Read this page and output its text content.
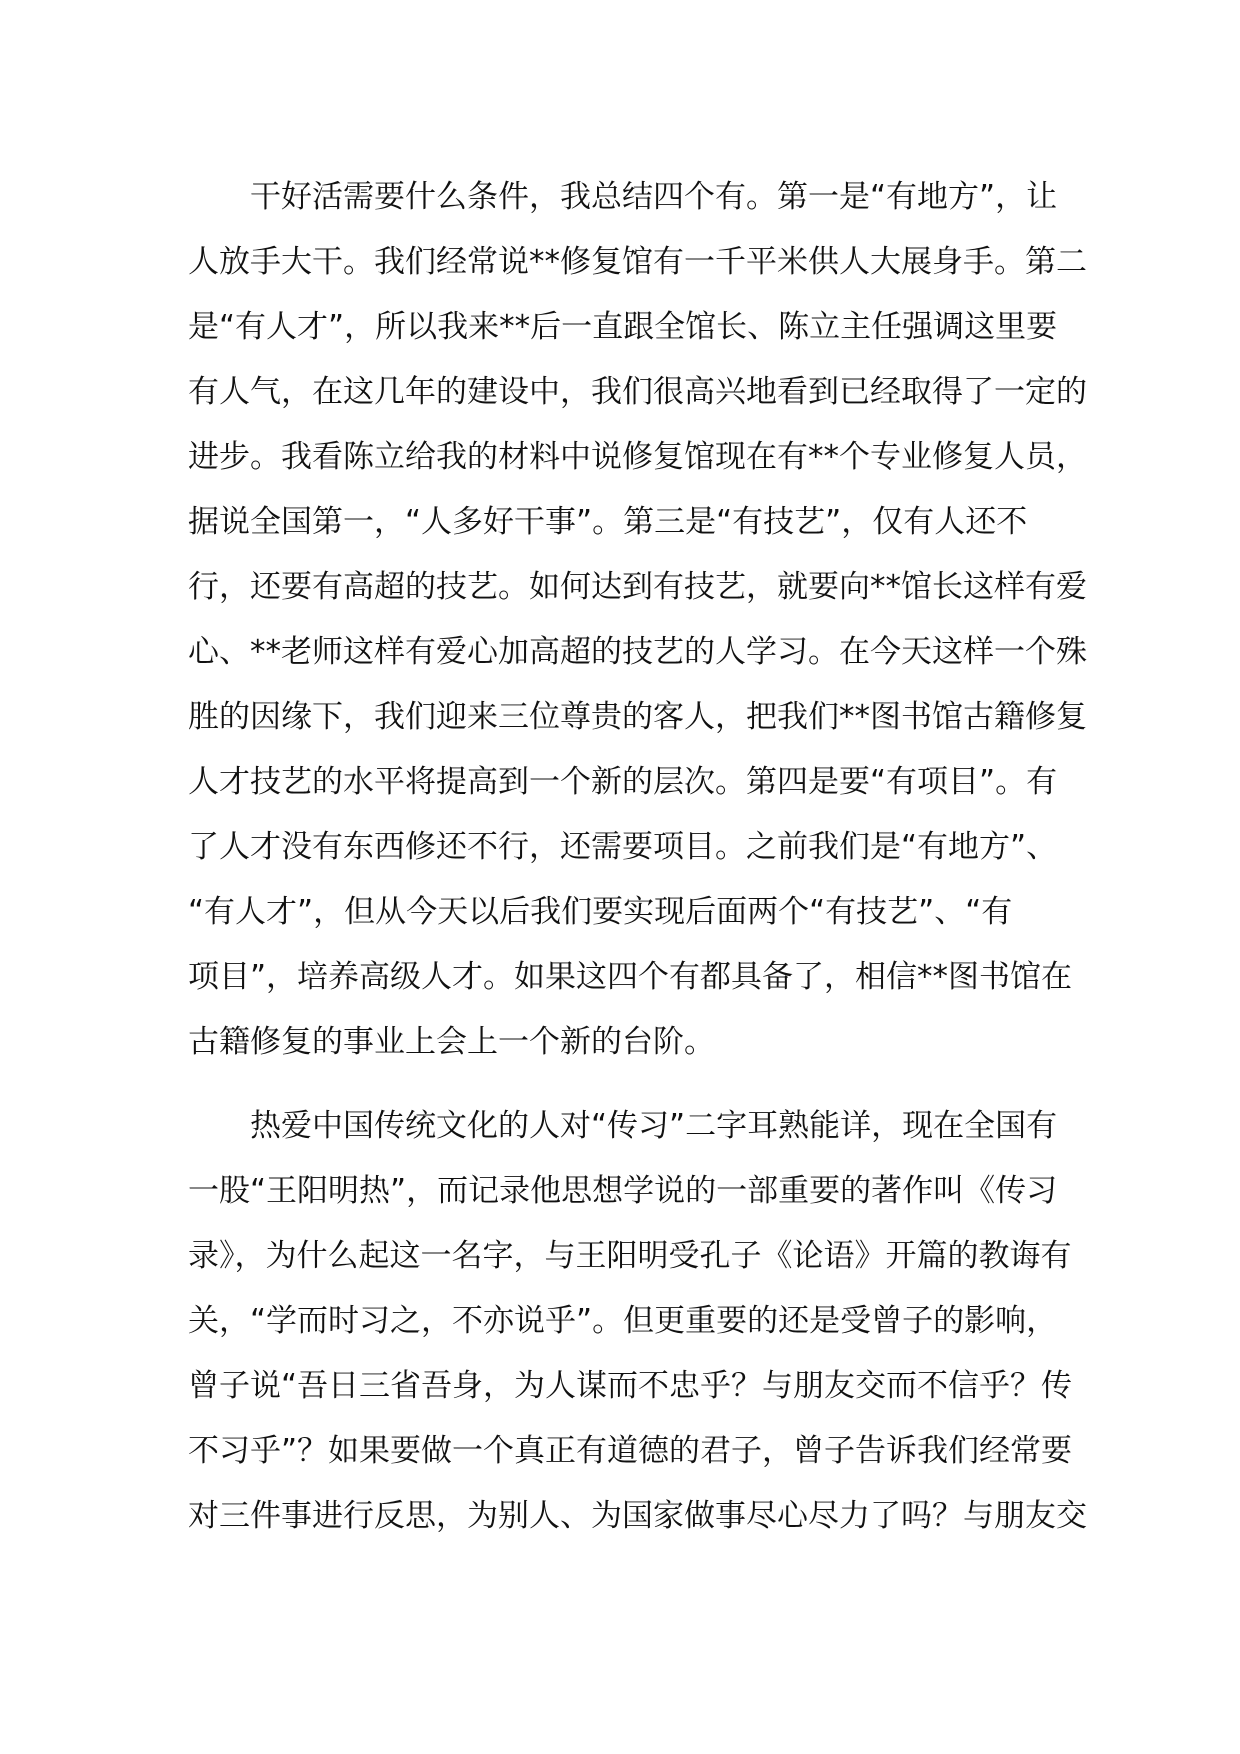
　　干好活需要什么条件，我总结四个有。第一是“有地方”，让
人放手大干。我们经常说**修复馆有一千平米供人大展身手。第二
是“有人才”，所以我来**后一直跟全馆长、陈立主任强调这里要
有人气，在这几年的建设中，我们很高兴地看到已经取得了一定的
进步。我看陈立给我的材料中说修复馆现在有**个专业修复人员，
据说全国第一，“人多好干事”。第三是“有技艺”，仅有人还不
行，还要有高超的技艺。如何达到有技艺，就要向**馆长这样有爱
心、**老师这样有爱心加高超的技艺的人学习。在今天这样一个殊
胜的因缘下，我们迎来三位尊贵的客人，把我们**图书馆古籍修复
人才技艺的水平将提高到一个新的层次。第四是要“有项目”。有
了人才没有东西修还不行，还需要项目。之前我们是“有地方”、
“有人才”，但从今天以后我们要实现后面两个“有技艺”、“有
项目”，培养高级人才。如果这四个有都具备了，相信**图书馆在
古籍修复的事业上会上一个新的台阶。
　　热爱中国传统文化的人对“传习”二字耳熟能详，现在全国有
一股“王阳明热”，而记录他思想学说的一部重要的著作叫《传习
录》，为什么起这一名字，与王阳明受孔子《论语》开篇的教诲有
关，“学而时习之，不亦说乎”。但更重要的还是受曾子的影响，
曾子说“吾日三省吾身，为人谋而不忠乎？与朋友交而不信乎？传
不习乎”？如果要做一个真正有道德的君子，曾子告诉我们经常要
对三件事进行反思，为别人、为国家做事尽心尽力了吗？与朋友交
